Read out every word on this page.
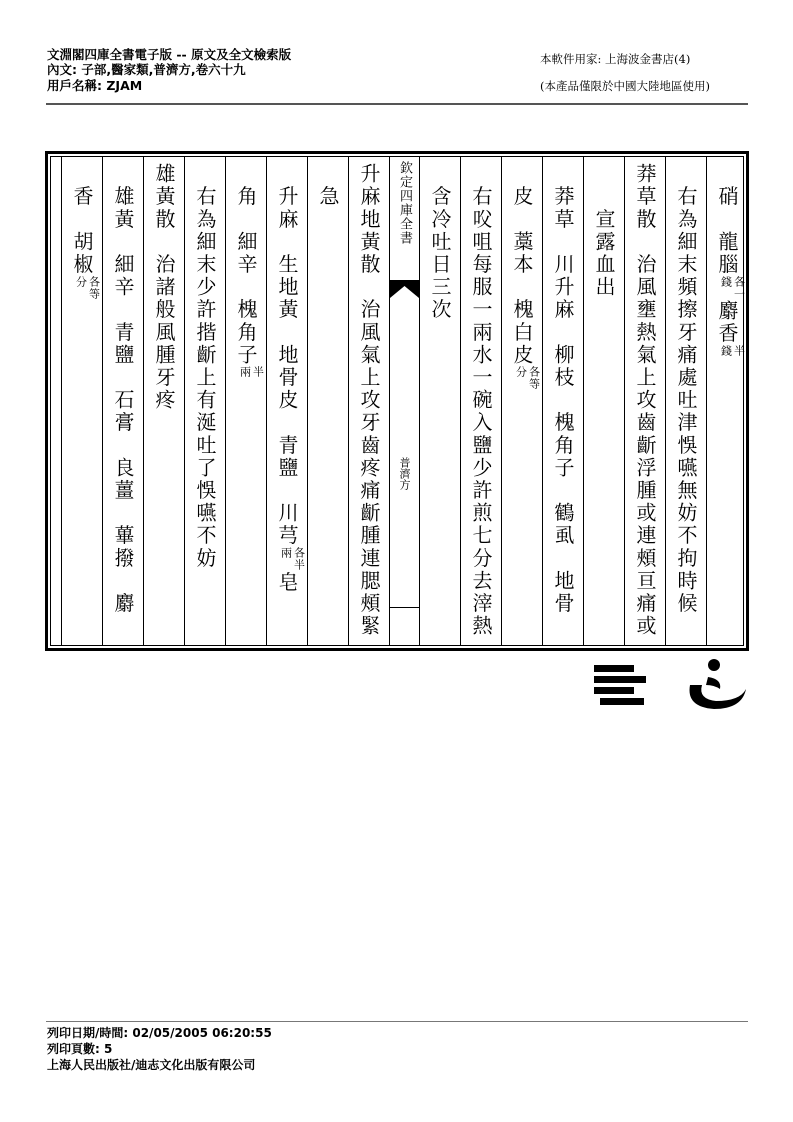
文淵閣四庫全書電子版 -- 原文及全文檢索版
內文: 子部,醫家類,普濟方,卷六十九
用戶名稱: ZJAM
本軟件用家: 上海波金書店(4)
(本產品僅限於中國大陸地區使用)
　硝　龍腦各一
錢麝香半
錢
　右為細末頻擦牙痛處吐津悞嚥無妨不拘時候
莽草散　治風壅熱氣上攻齒齗浮腫或連頰亘痛或
　　宣露血出
　莽草　川升麻　柳枝　槐角子　鶴虱　地骨
　皮　藁本　槐白皮各等
分
　右㕮咀每服一兩水一碗入鹽少許煎七分去滓熱
　含冷吐日三次
欽定四庫全書
普濟方
升麻地黃散　治風氣上攻牙齒疼痛齗腫連腮頰緊
　急
　升麻　生地黃　地骨皮　青鹽　川芎各半
兩皂
　角　細辛　槐角子半
兩
　右為細末少許揩齗上有涎吐了悞嚥不妨
雄黃散　治諸般風腫牙疼
　雄黃　細辛　青鹽　石膏　良薑　蓽撥　麝
　香　胡椒各等
分
列印日期/時間: 02/05/2005 06:20:55
列印頁數: 5
上海人民出版社/迪志文化出版有限公司
